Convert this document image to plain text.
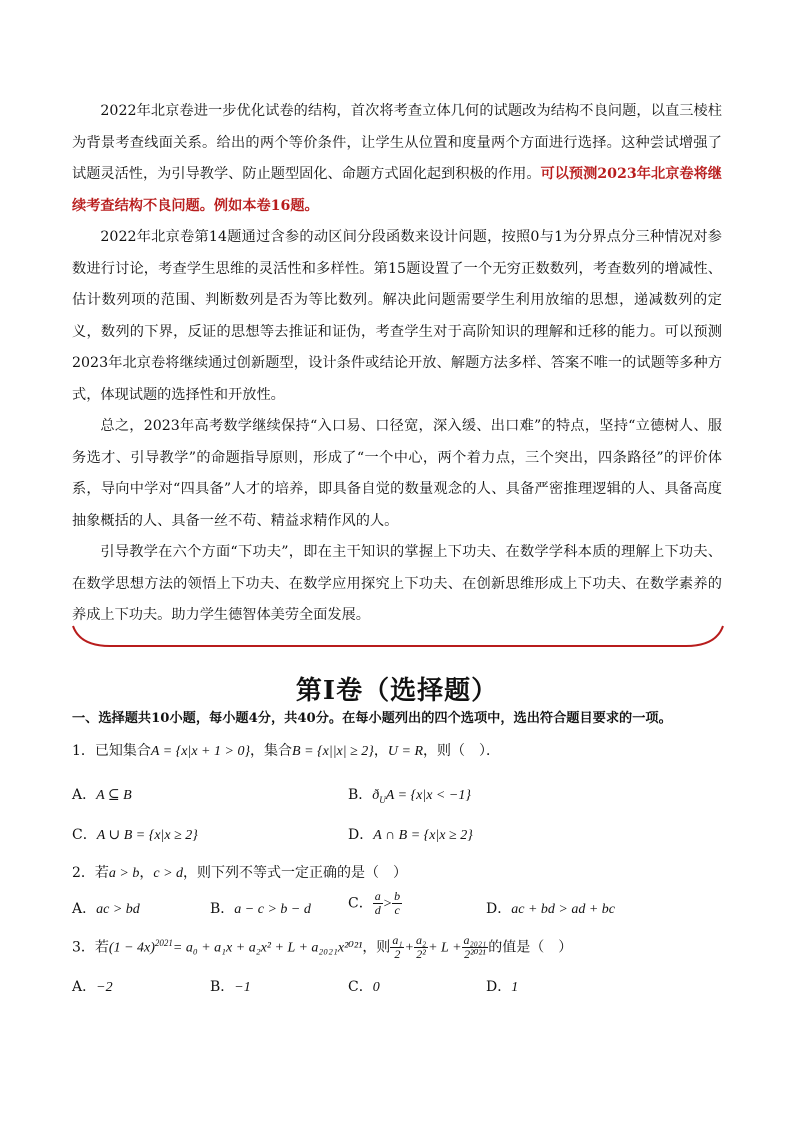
2022年北京卷进一步优化试卷的结构，首次将考查立体几何的试题改为结构不良问题，以直三棱柱为背景考查线面关系。给出的两个等价条件，让学生从位置和度量两个方面进行选择。这种尝试增强了试题灵活性，为引导教学、防止题型固化、命题方式固化起到积极的作用。可以预测2023年北京卷将继续考查结构不良问题。例如本卷16题。
2022年北京卷第14题通过含参的动区间分段函数来设计问题，按照0与1为分界点分三种情况对参数进行讨论，考查学生思维的灵活性和多样性。第15题设置了一个无穷正数数列，考查数列的增减性、估计数列项的范围、判断数列是否为等比数列。解决此问题需要学生利用放缩的思想，递减数列的定义，数列的下界，反证的思想等去推证和证伪，考查学生对于高阶知识的理解和迁移的能力。可以预测2023年北京卷将继续通过创新题型，设计条件或结论开放、解题方法多样、答案不唯一的试题等多种方式，体现试题的选择性和开放性。
总之，2023年高考数学继续保持“入口易、口径宽，深入缓、出口难”的特点，坚持“立德树人、服务选才、引导教学”的命题指导原则，形成了“一个中心，两个着力点，三个突出，四条路径”的评价体系，导向中学对“四具备”人才的培养，即具备自觉的数量观念的人、具备严密推理逻辑的人、具备高度抽象概括的人、具备一丝不苟、精益求精作风的人。
引导教学在六个方面“下功夫”，即在主干知识的掌握上下功夫、在数学学科本质的理解上下功夫、在数学思想方法的领悟上下功夫、在数学应用探究上下功夫、在创新思维形成上下功夫、在数学素养的养成上下功夫。助力学生德智体美劳全面发展。
第I卷（选择题）
一、选择题共10小题，每小题4分，共40分。在每小题列出的四个选项中，选出符合题目要求的一项。
1．已知集合A = {x|x + 1 > 0}，集合B = {x||x| ≥ 2}，U = R，则（　）．
A．A ⊆ B	B．$ð_UA = \{x|x < -1\}$
C．A ∪ B = {x|x ≥ 2}	D．A ∩ B = {x|x ≥ 2}
2．若a > b，c > d，则下列不等式一定正确的是（　）
A．ac > bd	B．a − c > b − d	C． $\frac{a}{d} > \frac{b}{c}$	D．ac + bd > ad + bc
3．若$(1 - 4x)^{2021}= a_0 + a_1x + a_2x^2 + L + a_{2021}x^{2021}$，则 $\frac{\text{a₁}}{2} + \frac{\text{a₂}}{\text{2²}} + L + \frac{\text{a₂₀₂₁}}{\text{2²⁰²¹}}$ 的值是（　）
A．−2	B．−1	C．0	D．1
